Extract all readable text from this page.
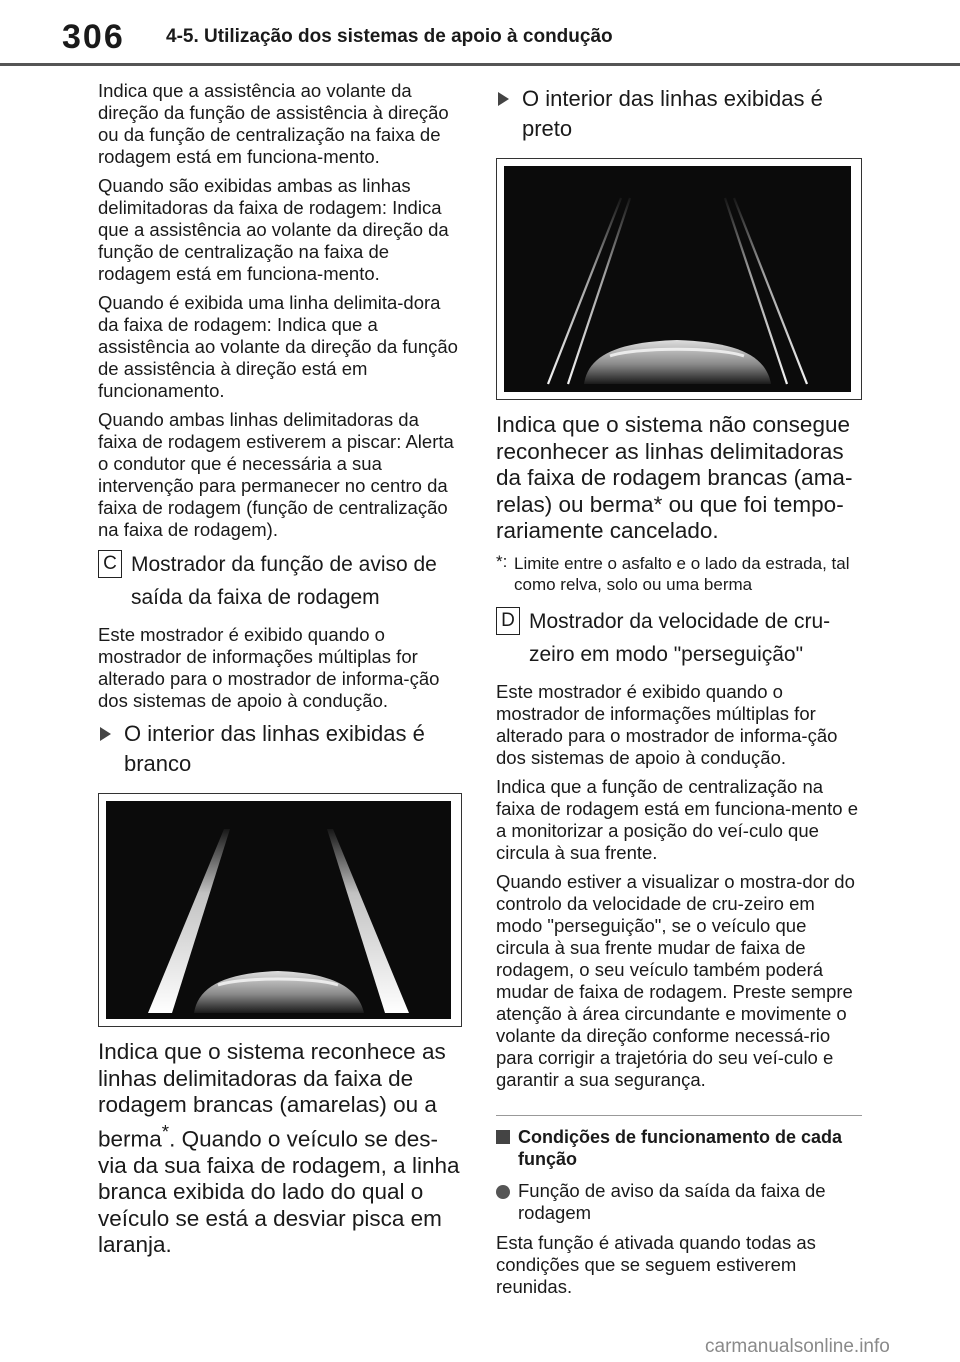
306 4-5. Utilização dos sistemas de apoio à condução

Indica que a assistência ao volante da direção da função de assistência à direção ou da função de centralização na faixa de rodagem está em funciona-mento.

Quando são exibidas ambas as linhas delimitadoras da faixa de rodagem: Indica que a assistência ao volante da direção da função de centralização na faixa de rodagem está em funciona-mento.

Quando é exibida uma linha delimita-dora da faixa de rodagem: Indica que a assistência ao volante da direção da função de assistência à direção está em funcionamento.

Quando ambas linhas delimitadoras da faixa de rodagem estiverem a piscar: Alerta o condutor que é necessária a sua intervenção para permanecer no centro da faixa de rodagem (função de centralização na faixa de rodagem).

C Mostrador da função de aviso de saída da faixa de rodagem

Este mostrador é exibido quando o mostrador de informações múltiplas for alterado para o mostrador de informa-ção dos sistemas de apoio à condução.

O interior das linhas exibidas é branco

Indica que o sistema reconhece as linhas delimitadoras da faixa de rodagem brancas (amarelas) ou a berma*. Quando o veículo se des-via da sua faixa de rodagem, a linha branca exibida do lado do qual o veículo se está a desviar pisca em laranja.

O interior das linhas exibidas é preto

Indica que o sistema não consegue reconhecer as linhas delimitadoras da faixa de rodagem brancas (ama-relas) ou berma* ou que foi tempo-rariamente cancelado.

*: Limite entre o asfalto e o lado da estrada, tal como relva, solo ou uma berma
D Mostrador da velocidade de cru-zeiro em modo "perseguição"

Este mostrador é exibido quando o mostrador de informações múltiplas for alterado para o mostrador de informa-ção dos sistemas de apoio à condução.

Indica que a função de centralização na faixa de rodagem está em funciona-mento e a monitorizar a posição do veí-culo que circula à sua frente.

Quando estiver a visualizar o mostra-dor do controlo da velocidade de cru-zeiro em modo "perseguição", se o veículo que circula à sua frente mudar de faixa de rodagem, o seu veículo também poderá mudar de faixa de rodagem. Preste sempre atenção à área circundante e movimente o volante da direção conforme necessá-rio para corrigir a trajetória do seu veí-culo e garantir a sua segurança.

Condições de funcionamento de cada função
Função de aviso da saída da faixa de rodagem

Esta função é ativada quando todas as condições que se seguem estiverem reunidas.

carmanualsonline.info
